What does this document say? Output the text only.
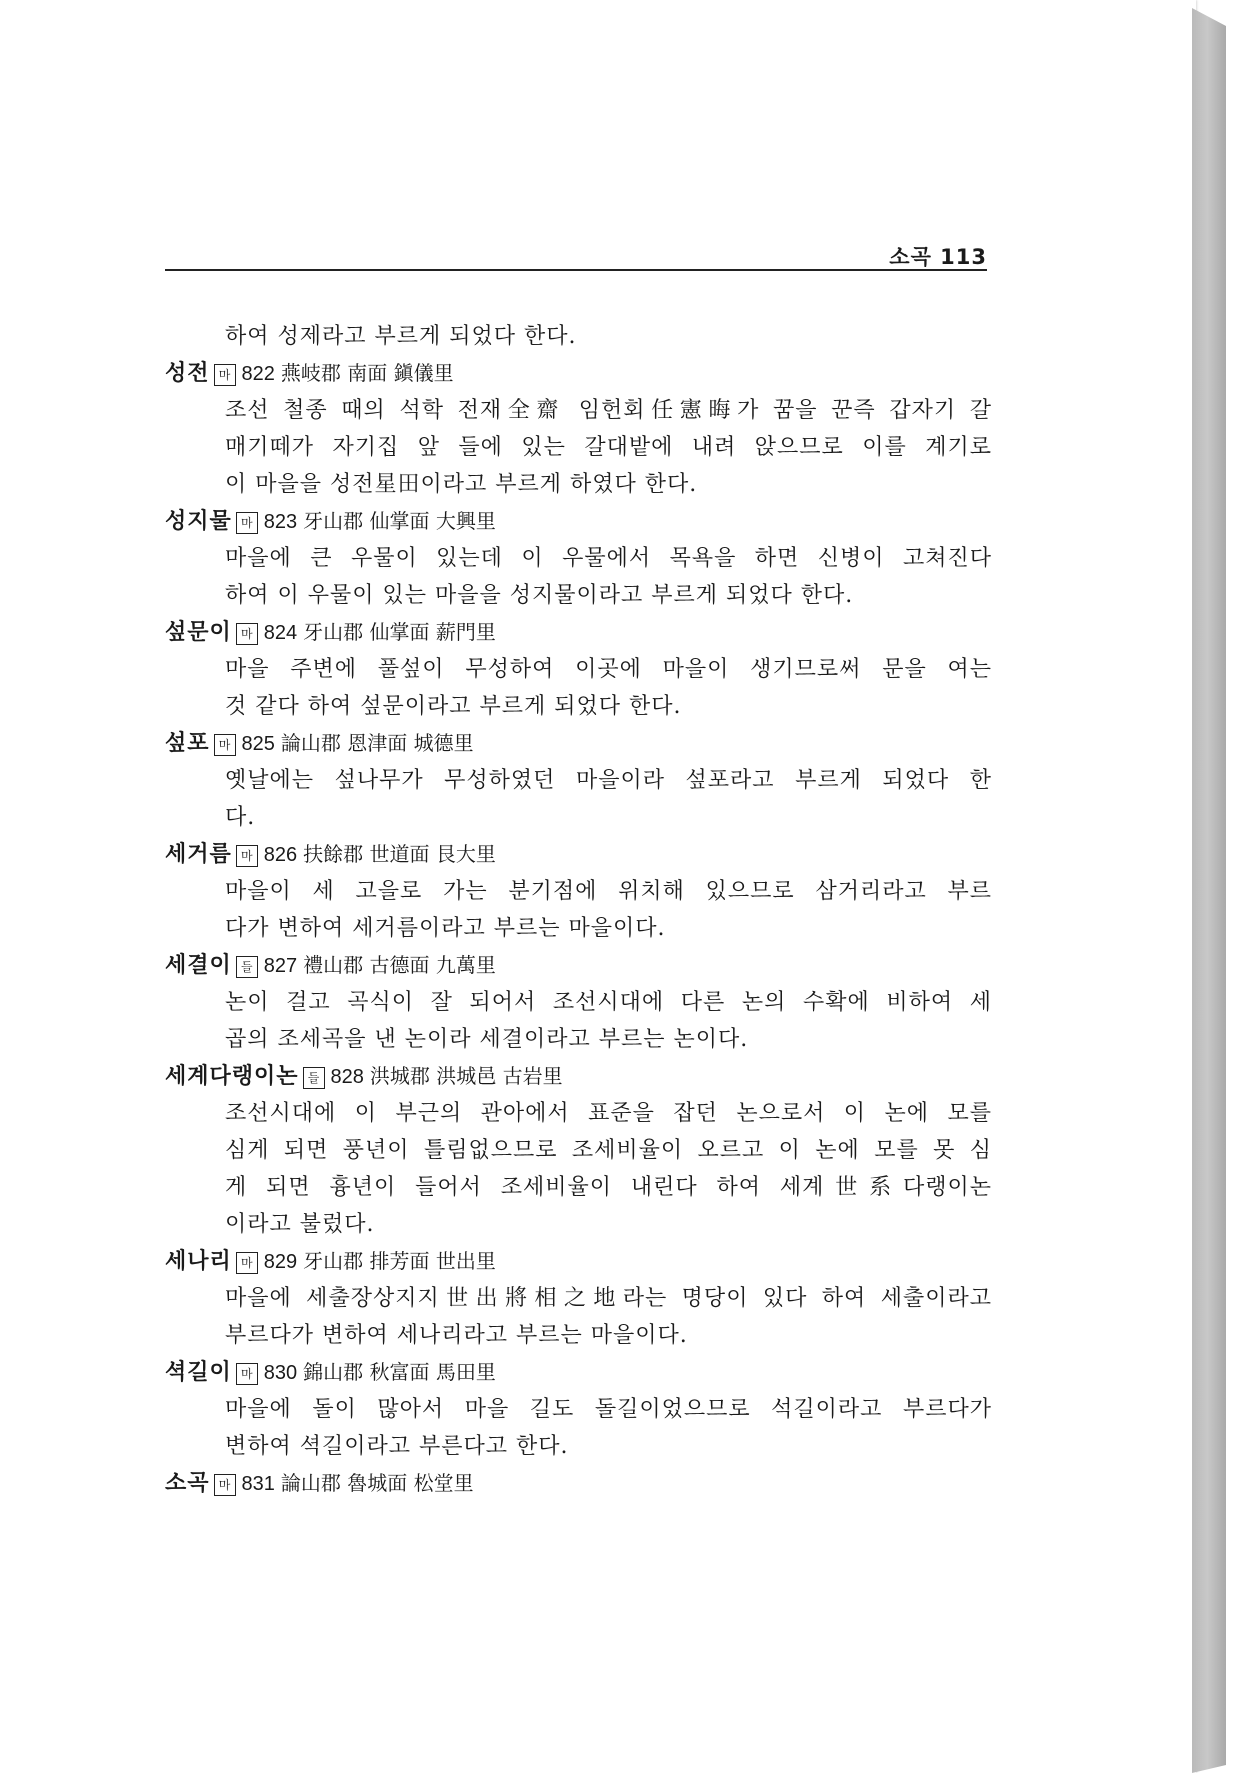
소곡 113
하여 성제라고 부르게 되었다 한다.
성전 마 822 燕岐郡 南面 鎭儀里
조선 철종 때의 석학 전재全齋 임헌회任憲晦가 꿈을 꾼즉 갑자기 갈
매기떼가 자기집 앞 들에 있는 갈대밭에 내려 앉으므로 이를 계기로
이 마을을 성전星田이라고 부르게 하였다 한다.
성지물 마 823 牙山郡 仙掌面 大興里
마을에 큰 우물이 있는데 이 우물에서 목욕을 하면 신병이 고쳐진다
하여 이 우물이 있는 마을을 성지물이라고 부르게 되었다 한다.
섶문이 마 824 牙山郡 仙掌面 薪門里
마을 주변에 풀섶이 무성하여 이곳에 마을이 생기므로써 문을 여는
것 같다 하여 섶문이라고 부르게 되었다 한다.
섶포 마 825 論山郡 恩津面 城德里
옛날에는 섶나무가 무성하였던 마을이라 섶포라고 부르게 되었다 한
다.
세거름 마 826 扶餘郡 世道面 艮大里
마을이 세 고을로 가는 분기점에 위치해 있으므로 삼거리라고 부르
다가 변하여 세거름이라고 부르는 마을이다.
세결이 들 827 禮山郡 古德面 九萬里
논이 걸고 곡식이 잘 되어서 조선시대에 다른 논의 수확에 비하여 세
곱의 조세곡을 낸 논이라 세결이라고 부르는 논이다.
세계다랭이논 들 828 洪城郡 洪城邑 古岩里
조선시대에 이 부근의 관아에서 표준을 잡던 논으로서 이 논에 모를
심게 되면 풍년이 틀림없으므로 조세비율이 오르고 이 논에 모를 못 심
게 되면 흉년이 들어서 조세비율이 내린다 하여 세계世系다랭이논
이라고 불렀다.
세나리 마 829 牙山郡 排芳面 世出里
마을에 세출장상지지世出將相之地라는 명당이 있다 하여 세출이라고
부르다가 변하여 세나리라고 부르는 마을이다.
셕길이 마 830 錦山郡 秋富面 馬田里
마을에 돌이 많아서 마을 길도 돌길이었으므로 석길이라고 부르다가
변하여 셕길이라고 부른다고 한다.
소곡 마 831 論山郡 魯城面 松堂里
